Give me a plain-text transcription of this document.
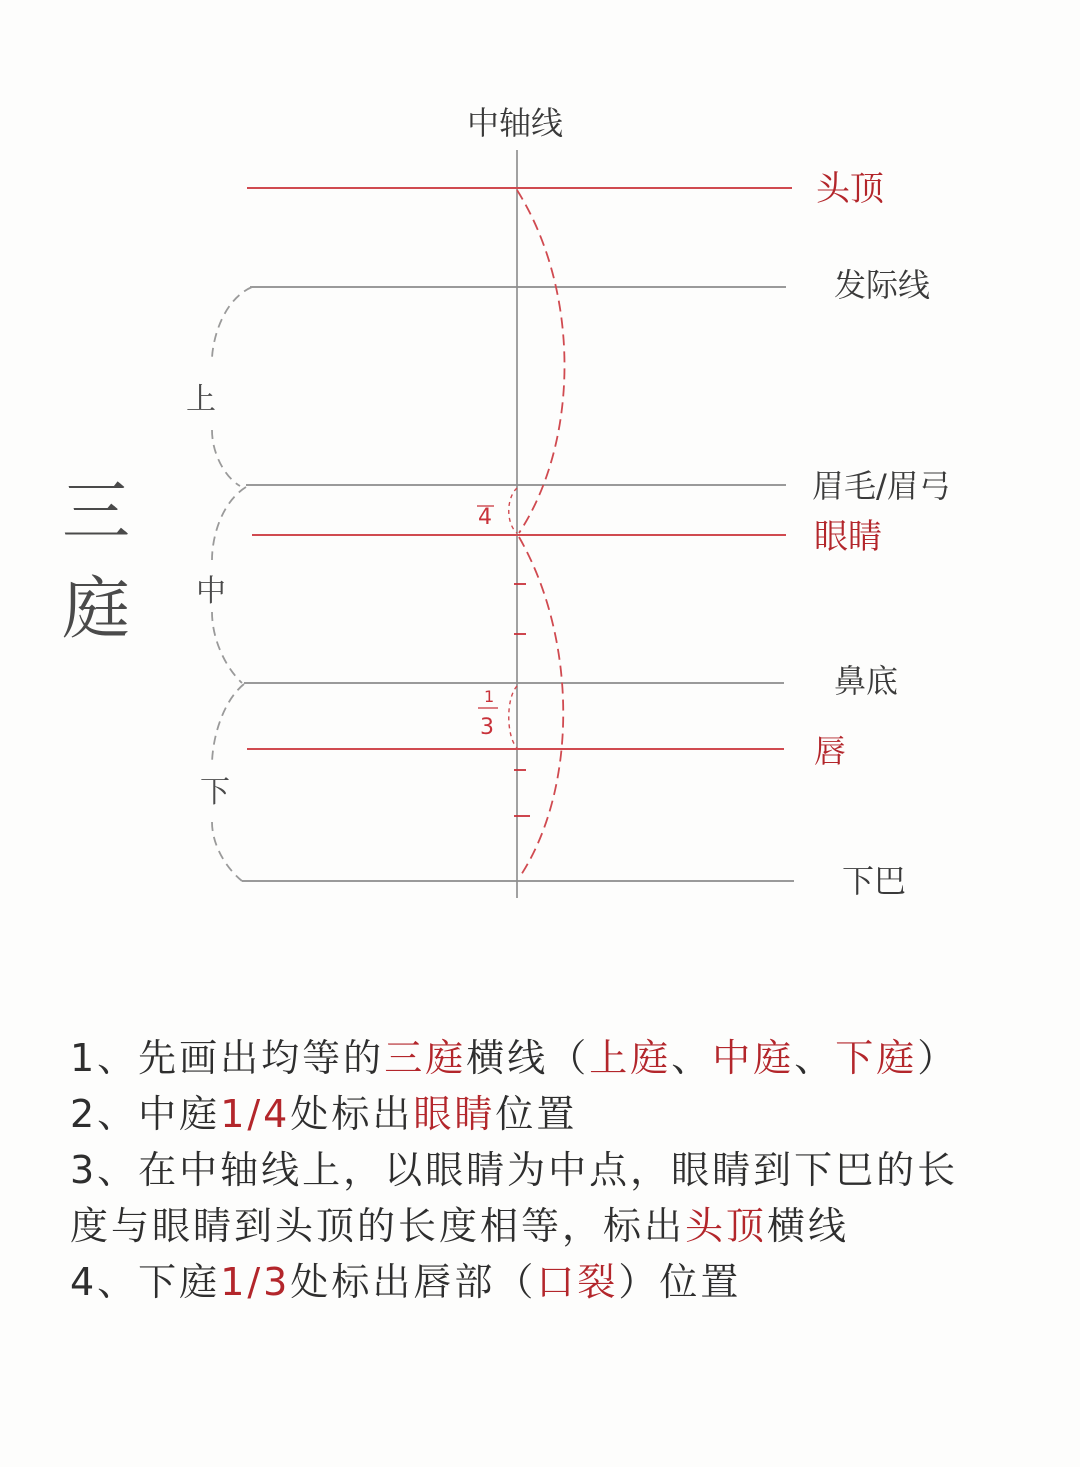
中轴线
头顶
发际线
眉毛/眉弓
眼睛
鼻底
唇
下巴
上
中
下
4
1
3
三
庭
1、先画出均等的三庭横线（上庭、中庭、下庭）
2、中庭1/4处标出眼睛位置
3、在中轴线上，以眼睛为中点，眼睛到下巴的长
度与眼睛到头顶的长度相等，标出头顶横线
4、下庭1/3处标出唇部（口裂）位置
